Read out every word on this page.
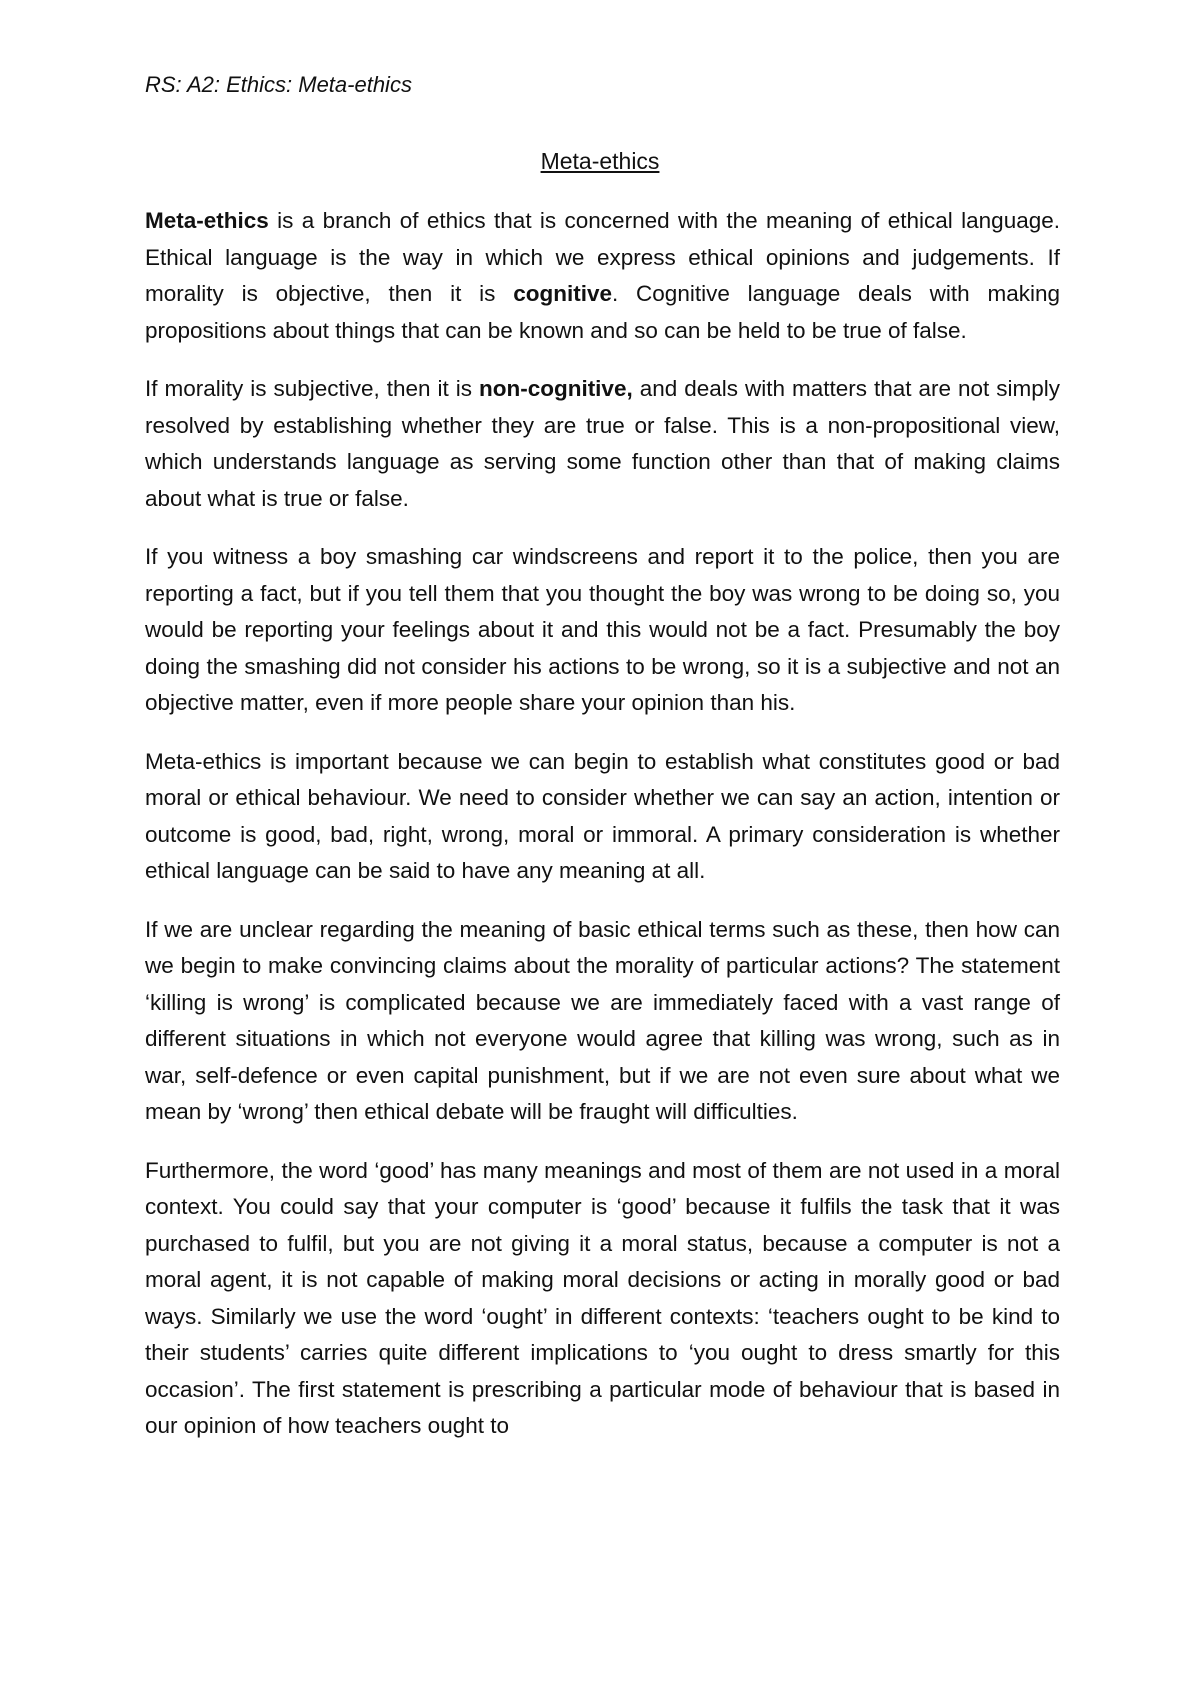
RS: A2: Ethics: Meta-ethics

Meta-ethics

Meta-ethics is a branch of ethics that is concerned with the meaning of ethical language. Ethical language is the way in which we express ethical opinions and judgements. If morality is objective, then it is cognitive. Cognitive language deals with making propositions about things that can be known and so can be held to be true of false.

If morality is subjective, then it is non-cognitive, and deals with matters that are not simply resolved by establishing whether they are true or false. This is a non-propositional view, which understands language as serving some function other than that of making claims about what is true or false.

If you witness a boy smashing car windscreens and report it to the police, then you are reporting a fact, but if you tell them that you thought the boy was wrong to be doing so, you would be reporting your feelings about it and this would not be a fact. Presumably the boy doing the smashing did not consider his actions to be wrong, so it is a subjective and not an objective matter, even if more people share your opinion than his.

Meta-ethics is important because we can begin to establish what constitutes good or bad moral or ethical behaviour. We need to consider whether we can say an action, intention or outcome is good, bad, right, wrong, moral or immoral. A primary consideration is whether ethical language can be said to have any meaning at all.

If we are unclear regarding the meaning of basic ethical terms such as these, then how can we begin to make convincing claims about the morality of particular actions? The statement ‘killing is wrong’ is complicated because we are immediately faced with a vast range of different situations in which not everyone would agree that killing was wrong, such as in war, self-defence or even capital punishment, but if we are not even sure about what we mean by ‘wrong’ then ethical debate will be fraught will difficulties.

Furthermore, the word ‘good’ has many meanings and most of them are not used in a moral context. You could say that your computer is ‘good’ because it fulfils the task that it was purchased to fulfil, but you are not giving it a moral status, because a computer is not a moral agent, it is not capable of making moral decisions or acting in morally good or bad ways. Similarly we use the word ‘ought’ in different contexts: ‘teachers ought to be kind to their students’ carries quite different implications to ‘you ought to dress smartly for this occasion’. The first statement is prescribing a particular mode of behaviour that is based in our opinion of how teachers ought to
